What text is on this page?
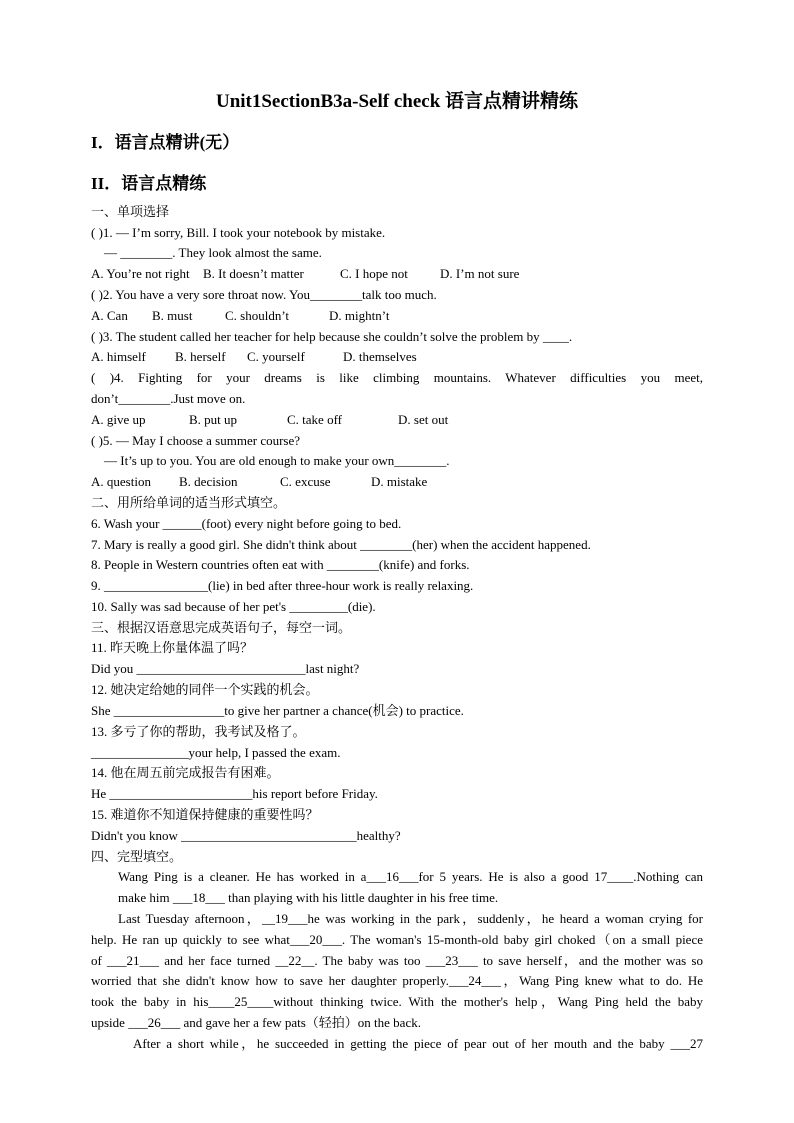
Unit1SectionB3a-Self check 语言点精讲精练
I．语言点精讲(无）
II．语言点精练
一、单项选择
( )1. — I’m sorry, Bill. I took your notebook by mistake.
— ________. They look almost the same.
A. You’re not right B. It doesn’t matter	C. I hope not D. I’m not sure
( )2. You have a very sore throat now. You________talk too much.
A. Can B. must	C. shouldn’t	D. mightn’t
( )3. The student called her teacher for help because she couldn’t solve the problem by ____.
A. himself B. herself C. yourself	D. themselves
( )4. Fighting for your dreams is like climbing mountains. Whatever difficulties you meet,
don’t________.Just move on.
A. give up	B. put up	C. take off	D. set out
( )5. — May I choose a summer course?
— It’s up to you. You are old enough to make your own________.
A. question B. decision	C. excuse	D. mistake
二、用所给单词的适当形式填空。
6. Wash your ______(foot) every night before going to bed.
7. Mary is really a good girl. She didn't think about ________(her) when the accident happened.
8. People in Western countries often eat with ________(knife) and forks.
9. ________________(lie) in bed after three-hour work is really relaxing.
10. Sally was sad because of her pet's _________(die).
三、根据汉语意思完成英语句子，每空一词。
11. 昨天晚上你量体温了吗？
Did you __________________________last night?
12. 她决定给她的同伴一个实践的机会。
She _________________to give her partner a chance(机会) to practice.
13. 多亏了你的帮助，我考试及格了。
_______________your help, I passed the exam.
14. 他在周五前完成报告有困难。
He ______________________his report before Friday.
15. 难道你不知道保持健康的重要性吗？
Didn't you know ___________________________healthy?
四、完型填空。
Wang Ping is a cleaner. He has worked in a___16___for 5 years. He is also a good 17____.Nothing can
make him ___18___ than playing with his little daughter in his free time.
Last Tuesday afternoon，__19___he was working in the park，suddenly，he heard a woman crying for
help. He ran up quickly to see what___20___. The woman's 15-month-old baby girl choked（on a small piece
of ___21___ and her face turned __22__. The baby was too ___23___ to save herself，and the mother was so
worried that she didn't know how to save her daughter properly.___24___，Wang Ping knew what to do. He
took the baby in his____25____without thinking twice. With the mother's help，Wang Ping held the baby
upside ___26___ and gave her a few pats（轻拍）on the back.
After a short while，he succeeded in getting the piece of pear out of her mouth and the baby ___27
